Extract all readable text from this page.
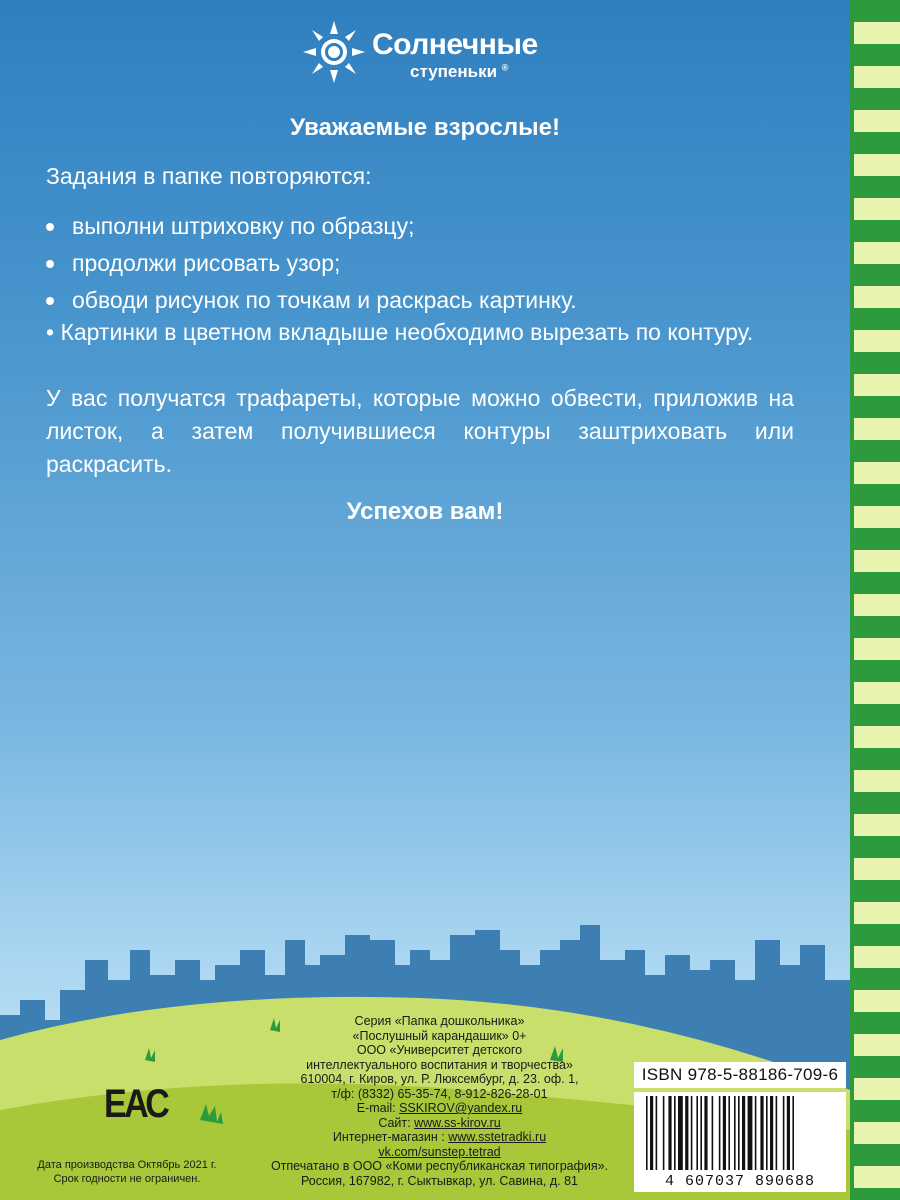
Солнечные
ступеньки ®
Уважаемые взрослые!
Задания в папке повторяются:
выполни штриховку по образцу;
продолжи рисовать узор;
обводи рисунок по точкам и раскрась картинку.
• Картинки в цветном вкладыше необходимо вырезать по контуру.
У вас получатся трафареты, которые можно обвести, приложив на листок, а затем получившиеся контуры заштриховать или раскрасить.
Успехов вам!
ЕАС
Серия «Папка дошкольника»
«Послушный карандашик» 0+
ООО «Университет детского
интеллектуального воспитания и творчества»
610004, г. Киров, ул. Р. Люксембург, д. 23. оф. 1,
т/ф: (8332) 65-35-74, 8-912-826-28-01
E-mail: SSKIROV@yandex.ru
Сайт: www.ss-kirov.ru
Интернет-магазин : www.sstetradki.ru
vk.com/sunstep.tetrad
Отпечатано в ООО «Коми республиканская типография».
Россия, 167982, г. Сыктывкар, ул. Савина, д. 81
ISBN 978-5-88186-709-6
4 607037 890688
Дата производства Октябрь 2021 г.
Срок годности не ограничен.
